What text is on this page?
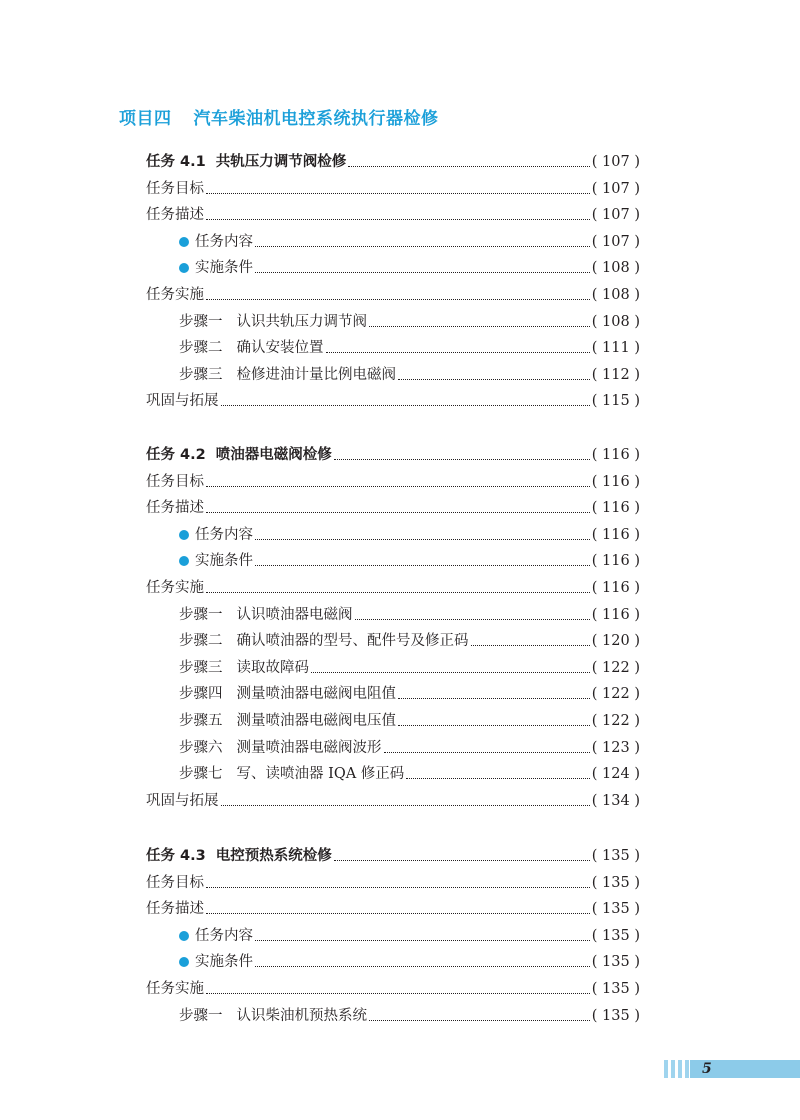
项目四 汽车柴油机电控系统执行器检修
任务 4.1 共轨压力调节阀检修	( 107 )
任务目标	( 107 )
任务描述	( 107 )
任务内容	( 107 )
实施条件	( 108 )
任务实施	( 108 )
步骤一 认识共轨压力调节阀	( 108 )
步骤二 确认安装位置	( 111 )
步骤三 检修进油计量比例电磁阀	( 112 )
巩固与拓展	( 115 )
任务 4.2 喷油器电磁阀检修	( 116 )
任务目标	( 116 )
任务描述	( 116 )
任务内容	( 116 )
实施条件	( 116 )
任务实施	( 116 )
步骤一 认识喷油器电磁阀	( 116 )
步骤二 确认喷油器的型号、配件号及修正码	( 120 )
步骤三 读取故障码	( 122 )
步骤四 测量喷油器电磁阀电阻值	( 122 )
步骤五 测量喷油器电磁阀电压值	( 122 )
步骤六 测量喷油器电磁阀波形	( 123 )
步骤七 写、读喷油器 IQA 修正码	( 124 )
巩固与拓展	( 134 )
任务 4.3 电控预热系统检修	( 135 )
任务目标	( 135 )
任务描述	( 135 )
任务内容	( 135 )
实施条件	( 135 )
任务实施	( 135 )
步骤一 认识柴油机预热系统	( 135 )
5
